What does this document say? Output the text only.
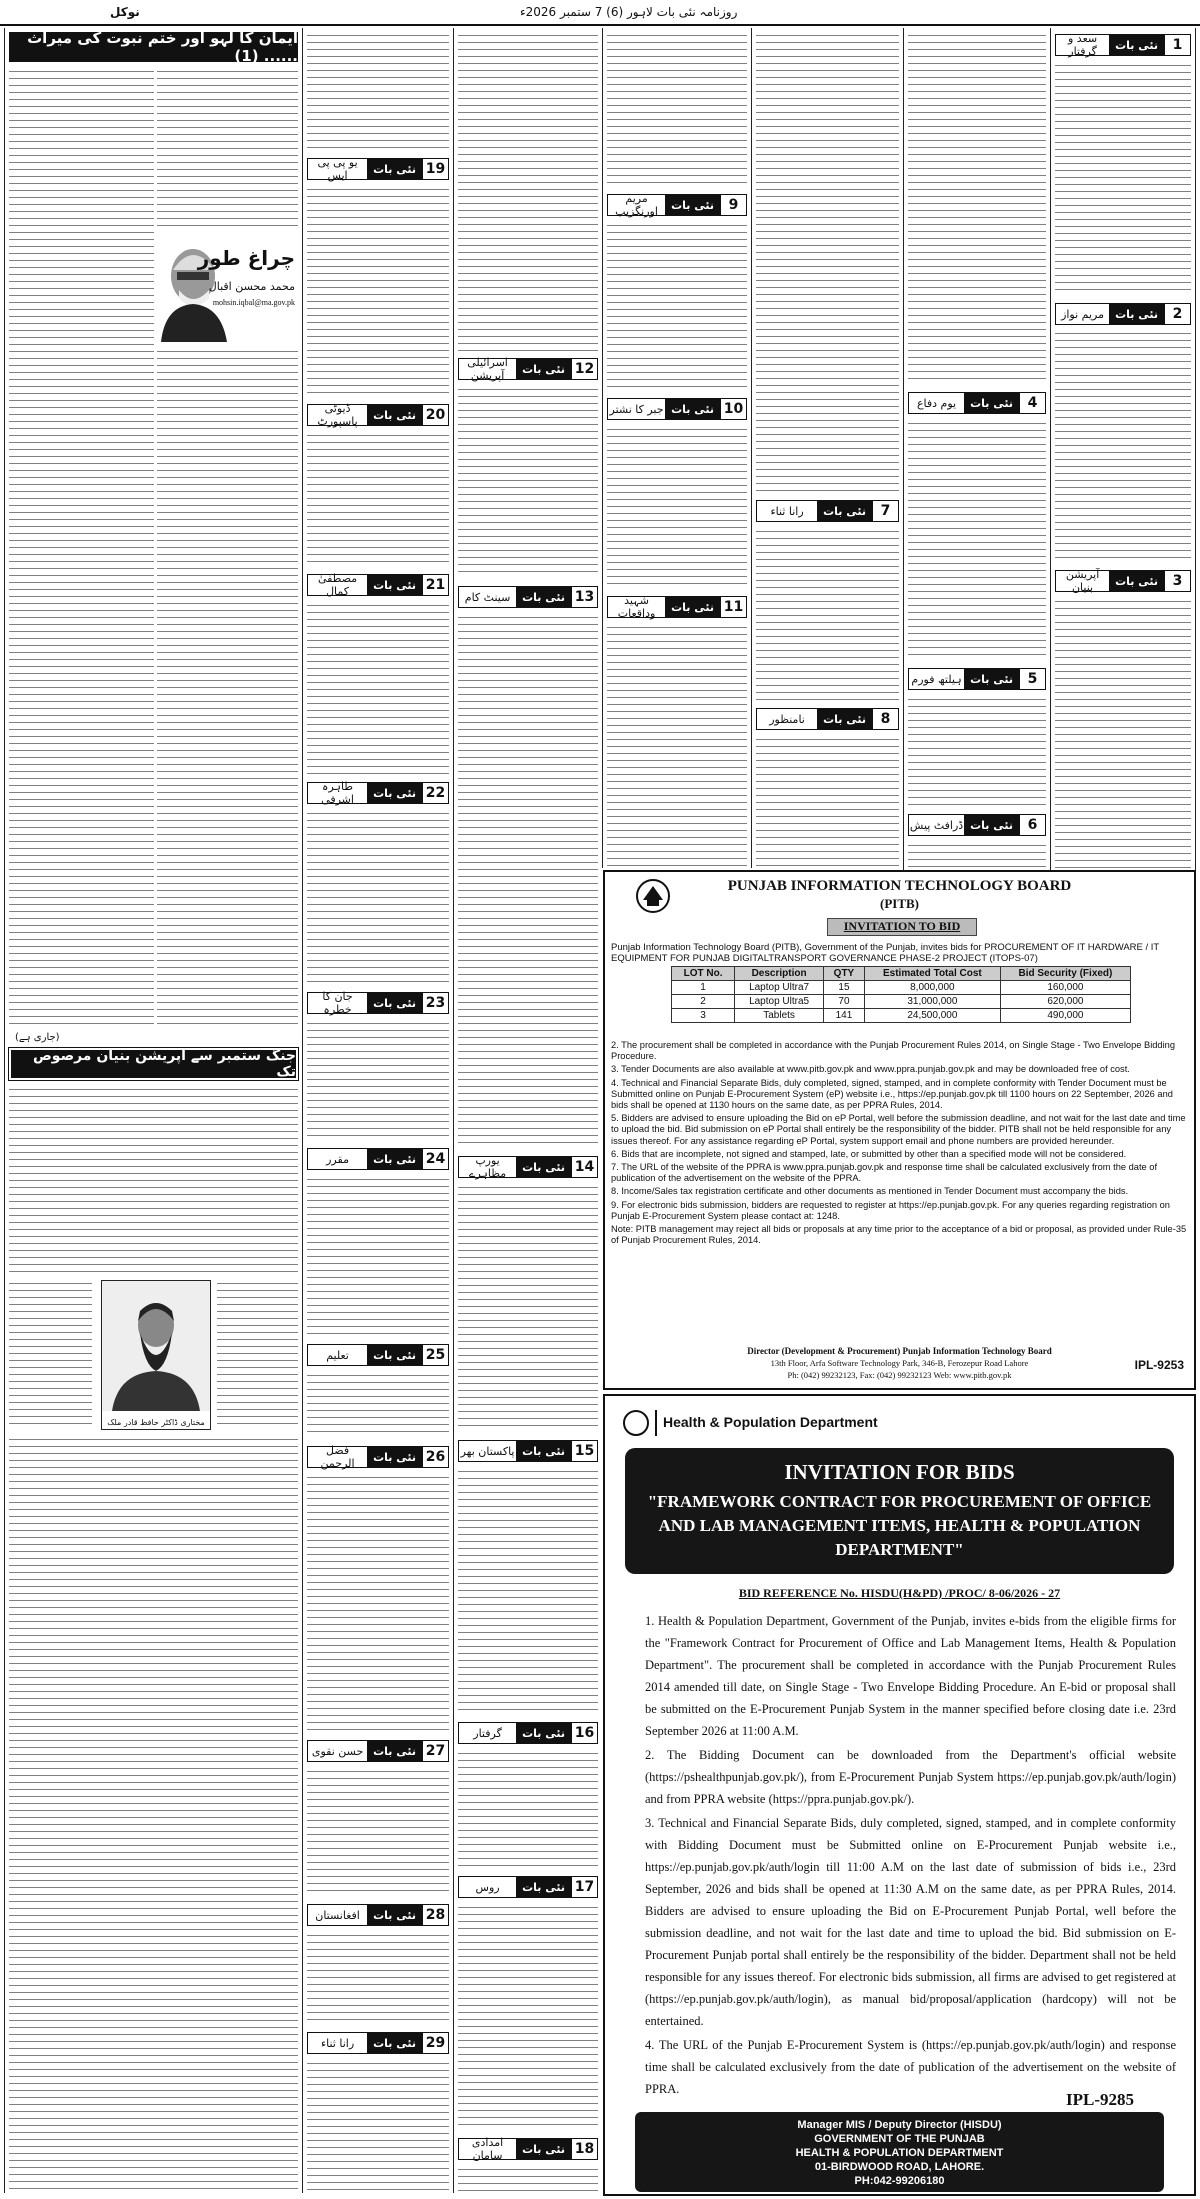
روزنامہ نئی بات لاہور (6) 7 ستمبر 2026ء
نوکل
1
نئی بات
سعد و گرفتار
2
نئی بات
مریم نواز
3
نئی بات
آپریشن بنیان
4
نئی بات
یوم دفاع
5
نئی بات
ہیلتھ فورم
6
نئی بات
ڈرافٹ پیش
7
نئی بات
رانا ثناء
8
نئی بات
نامنظور
9
نئی بات
مریم اورنگزیب
10
نئی بات
جبر کا نشتر
11
نئی بات
شہید وداقعات
12
نئی بات
اسرائیلی آپریشن
13
نئی بات
سینٹ کام
14
نئی بات
یورپ مظاہرے
15
نئی بات
پاکستان بھر
16
نئی بات
گرفتار
17
نئی بات
روس
18
نئی بات
امدادی سامان
19
نئی بات
یو پی پی ایس
20
نئی بات
ڈیوٹی پاسپورٹ
21
نئی بات
مصطفیٰ کمال
22
نئی بات
طاہرہ اشرفی
23
نئی بات
جان کا خطرہ
24
نئی بات
مقرر
25
نئی بات
تعلیم
26
نئی بات
فضل الرحمن
27
نئی بات
حسن نقوی
28
نئی بات
افغانستان
29
نئی بات
رانا ثناء
ایمان کا لہو اور ختم نبوت کی میراث ...... (1)
چراغ طور
محمد محسن اقبال
mohsin.iqbal@ma.gov.pk
(جاری ہے)
جنگ ستمبر سے آپریشن بنیان مرصوص تک
مختاری ڈاکٹر حافظ قادر ملک
PUNJAB INFORMATION TECHNOLOGY BOARD
(PITB)
INVITATION TO BID
Punjab Information Technology Board (PITB), Government of the Punjab, invites bids for PROCUREMENT OF IT HARDWARE / IT EQUIPMENT FOR PUNJAB DIGITALTRANSPORT GOVERNANCE PHASE-2 PROJECT (ITOPS-07)
LOT No.	Description	QTY	Estimated Total Cost	Bid Security (Fixed)
1	Laptop Ultra7	15	8,000,000	160,000
2	Laptop Ultra5	70	31,000,000	620,000
3	Tablets	141	24,500,000	490,000
2. The procurement shall be completed in accordance with the Punjab Procurement Rules 2014, on Single Stage - Two Envelope Bidding Procedure.
3. Tender Documents are also available at www.pitb.gov.pk and www.ppra.punjab.gov.pk and may be downloaded free of cost.
4. Technical and Financial Separate Bids, duly completed, signed, stamped, and in complete conformity with Tender Document must be Submitted online on Punjab E-Procurement System (eP) website i.e., https://ep.punjab.gov.pk till 1100 hours on 22 September, 2026 and bids shall be opened at 1130 hours on the same date, as per PPRA Rules, 2014.
5. Bidders are advised to ensure uploading the Bid on eP Portal, well before the submission deadline, and not wait for the last date and time to upload the bid. Bid submission on eP Portal shall entirely be the responsibility of the bidder. PITB shall not be held responsible for any issues thereof. For any assistance regarding eP Portal, system support email and phone numbers are provided hereunder.
6. Bids that are incomplete, not signed and stamped, late, or submitted by other than a specified mode will not be considered.
7. The URL of the website of the PPRA is www.ppra.punjab.gov.pk and response time shall be calculated exclusively from the date of publication of the advertisement on the website of the PPRA.
8. Income/Sales tax registration certificate and other documents as mentioned in Tender Document must accompany the bids.
9. For electronic bids submission, bidders are requested to register at https://ep.punjab.gov.pk. For any queries regarding registration on Punjab E-Procurement System please contact at: 1248.
Note: PITB management may reject all bids or proposals at any time prior to the acceptance of a bid or proposal, as provided under Rule-35 of Punjab Procurement Rules, 2014.
Director (Development & Procurement) Punjab Information Technology Board
13th Floor, Arfa Software Technology Park, 346-B, Ferozepur Road Lahore
Ph: (042) 99232123, Fax: (042) 99232123 Web: www.pitb.gov.pk
IPL-9253
Health & Population Department
INVITATION FOR BIDS
"FRAMEWORK CONTRACT FOR PROCUREMENT OF OFFICE AND LAB MANAGEMENT ITEMS, HEALTH & POPULATION DEPARTMENT"
BID REFERENCE No. HISDU(H&PD) /PROC/ 8-06/2026 - 27
1. Health & Population Department, Government of the Punjab, invites e-bids from the eligible firms for the "Framework Contract for Procurement of Office and Lab Management Items, Health & Population Department". The procurement shall be completed in accordance with the Punjab Procurement Rules 2014 amended till date, on Single Stage - Two Envelope Bidding Procedure. An E-bid or proposal shall be submitted on the E-Procurement Punjab System in the manner specified before closing date i.e. 23rd September 2026 at 11:00 A.M.
2. The Bidding Document can be downloaded from the Department's official website (https://pshealthpunjab.gov.pk/), from E-Procurement Punjab System https://ep.punjab.gov.pk/auth/login) and from PPRA website (https://ppra.punjab.gov.pk/).
3. Technical and Financial Separate Bids, duly completed, signed, stamped, and in complete conformity with Bidding Document must be Submitted online on E-Procurement Punjab website i.e., https://ep.punjab.gov.pk/auth/login till 11:00 A.M on the last date of submission of bids i.e., 23rd September, 2026 and bids shall be opened at 11:30 A.M on the same date, as per PPRA Rules, 2014. Bidders are advised to ensure uploading the Bid on E-Procurement Punjab Portal, well before the submission deadline, and not wait for the last date and time to upload the bid. Bid submission on E-Procurement Punjab portal shall entirely be the responsibility of the bidder. Department shall not be held responsible for any issues thereof. For electronic bids submission, all firms are advised to get registered at (https://ep.punjab.gov.pk/auth/login), as manual bid/proposal/application (hardcopy) will not be entertained.
4. The URL of the Punjab E-Procurement System is (https://ep.punjab.gov.pk/auth/login) and response time shall be calculated exclusively from the date of publication of the advertisement on the website of PPRA.
IPL-9285
Manager MIS / Deputy Director (HISDU)
GOVERNMENT OF THE PUNJAB
HEALTH & POPULATION DEPARTMENT
01-BIRDWOOD ROAD, LAHORE.
PH:042-99206180
